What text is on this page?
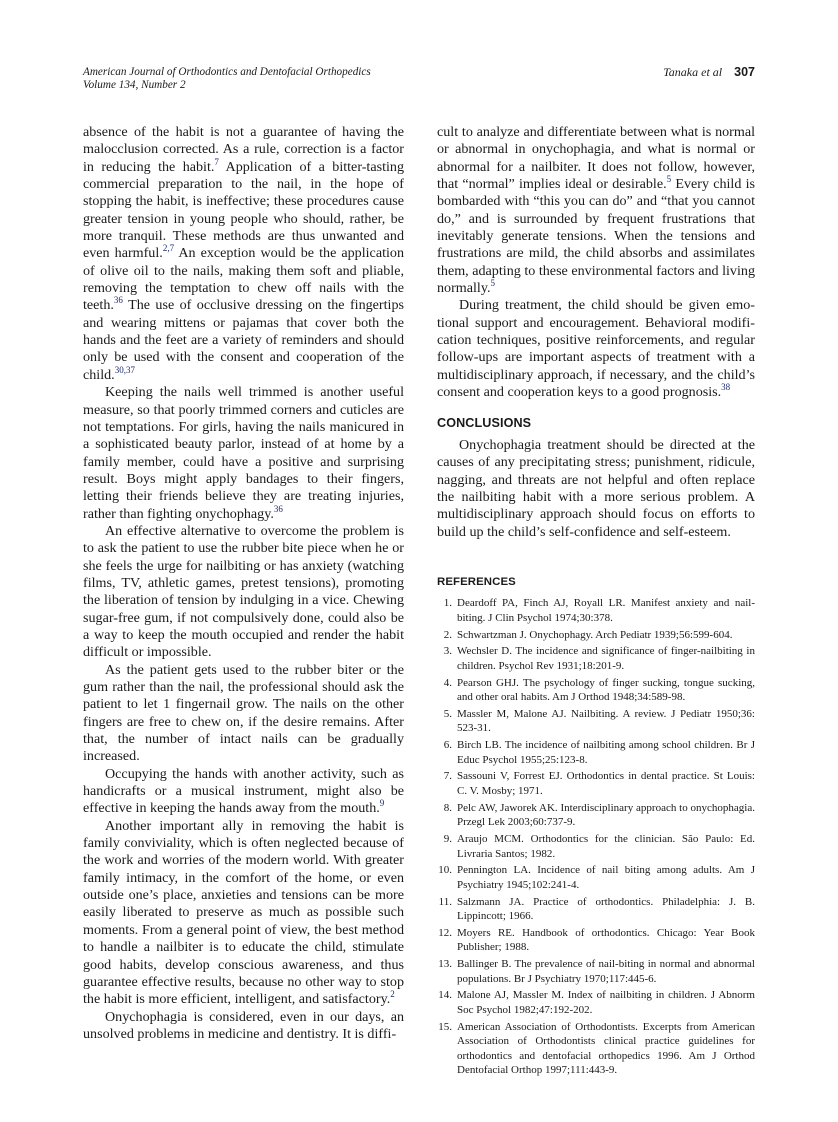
American Journal of Orthodontics and Dentofacial Orthopedics
Volume 134, Number 2
Tanaka et al 307

absence of the habit is not a guarantee of having the malocclusion corrected. As a rule, correction is a factor in reducing the habit.$^7$ Application of a bitter-tasting commercial preparation to the nail, in the hope of stopping the habit, is ineffective; these procedures cause greater tension in young people who should, rather, be more tranquil. These methods are thus unwanted and even harmful.$^{2,7}$ An exception would be the application of olive oil to the nails, making them soft and pliable, removing the temptation to chew off nails with the teeth.$^{36}$ The use of occlusive dressing on the fingertips and wearing mittens or pajamas that cover both the hands and the feet are a variety of reminders and should only be used with the consent and cooperation of the child.$^{30,37}$

Keeping the nails well trimmed is another useful measure, so that poorly trimmed corners and cuticles are not temptations. For girls, having the nails manicured in a sophisticated beauty parlor, instead of at home by a family member, could have a positive and surprising result. Boys might apply bandages to their fingers, letting their friends believe they are treating injuries, rather than fighting onychophagy.$^{36}$

An effective alternative to overcome the problem is to ask the patient to use the rubber bite piece when he or she feels the urge for nailbiting or has anxiety (watching films, TV, athletic games, pretest tensions), promoting the liberation of tension by indulging in a vice. Chewing sugar-free gum, if not compulsively done, could also be a way to keep the mouth occupied and render the habit difficult or impossible.

As the patient gets used to the rubber biter or the gum rather than the nail, the professional should ask the patient to let 1 fingernail grow. The nails on the other fingers are free to chew on, if the desire remains. After that, the number of intact nails can be gradually increased.

Occupying the hands with another activity, such as handicrafts or a musical instrument, might also be effective in keeping the hands away from the mouth.$^9$

Another important ally in removing the habit is family conviviality, which is often neglected because of the work and worries of the modern world. With greater family intimacy, in the comfort of the home, or even outside one’s place, anxieties and tensions can be more easily liberated to preserve as much as possible such moments. From a general point of view, the best method to handle a nailbiter is to educate the child, stimulate good habits, develop conscious awareness, and thus guarantee effective results, because no other way to stop the habit is more efficient, intelligent, and satisfactory.$^2$

Onychophagia is considered, even in our days, an unsolved problems in medicine and dentistry. It is diffi-

cult to analyze and differentiate between what is normal or abnormal in onychophagia, and what is normal or abnormal for a nailbiter. It does not follow, however, that “normal” implies ideal or desirable.$^5$ Every child is bombarded with “this you can do” and “that you cannot do,” and is surrounded by frequent frustrations that inevitably generate tensions. When the tensions and frustrations are mild, the child absorbs and assimilates them, adapting to these environmental factors and living normally.$^5$

During treatment, the child should be given emotional support and encouragement. Behavioral modification techniques, positive reinforcements, and regular follow-ups are important aspects of treatment with a multidisciplinary approach, if necessary, and the child’s consent and cooperation keys to a good prognosis.$^{38}$

CONCLUSIONS

Onychophagia treatment should be directed at the causes of any precipitating stress; punishment, ridicule, nagging, and threats are not helpful and often replace the nailbiting habit with a more serious problem. A multidisciplinary approach should focus on efforts to build up the child’s self-confidence and self-esteem.

REFERENCES
1. Deardoff PA, Finch AJ, Royall LR. Manifest anxiety and nail-biting. J Clin Psychol 1974;30:378.
2. Schwartzman J. Onychophagy. Arch Pediatr 1939;56:599-604.
3. Wechsler D. The incidence and significance of finger-nailbiting in children. Psychol Rev 1931;18:201-9.
4. Pearson GHJ. The psychology of finger sucking, tongue sucking, and other oral habits. Am J Orthod 1948;34:589-98.
5. Massler M, Malone AJ. Nailbiting. A review. J Pediatr 1950;36: 523-31.
6. Birch LB. The incidence of nailbiting among school children. Br J Educ Psychol 1955;25:123-8.
7. Sassouni V, Forrest EJ. Orthodontics in dental practice. St Louis: C. V. Mosby; 1971.
8. Pelc AW, Jaworek AK. Interdisciplinary approach to onychophagia. Przegl Lek 2003;60:737-9.
9. Araujo MCM. Orthodontics for the clinician. São Paulo: Ed. Livraria Santos; 1982.
10. Pennington LA. Incidence of nail biting among adults. Am J Psychiatry 1945;102:241-4.
11. Salzmann JA. Practice of orthodontics. Philadelphia: J. B. Lippincott; 1966.
12. Moyers RE. Handbook of orthodontics. Chicago: Year Book Publisher; 1988.
13. Ballinger B. The prevalence of nail-biting in normal and abnormal populations. Br J Psychiatry 1970;117:445-6.
14. Malone AJ, Massler M. Index of nailbiting in children. J Abnorm Soc Psychol 1982;47:192-202.
15. American Association of Orthodontists. Excerpts from American Association of Orthodontists clinical practice guidelines for orthodontics and dentofacial orthopedics 1996. Am J Orthod Dentofacial Orthop 1997;111:443-9.
